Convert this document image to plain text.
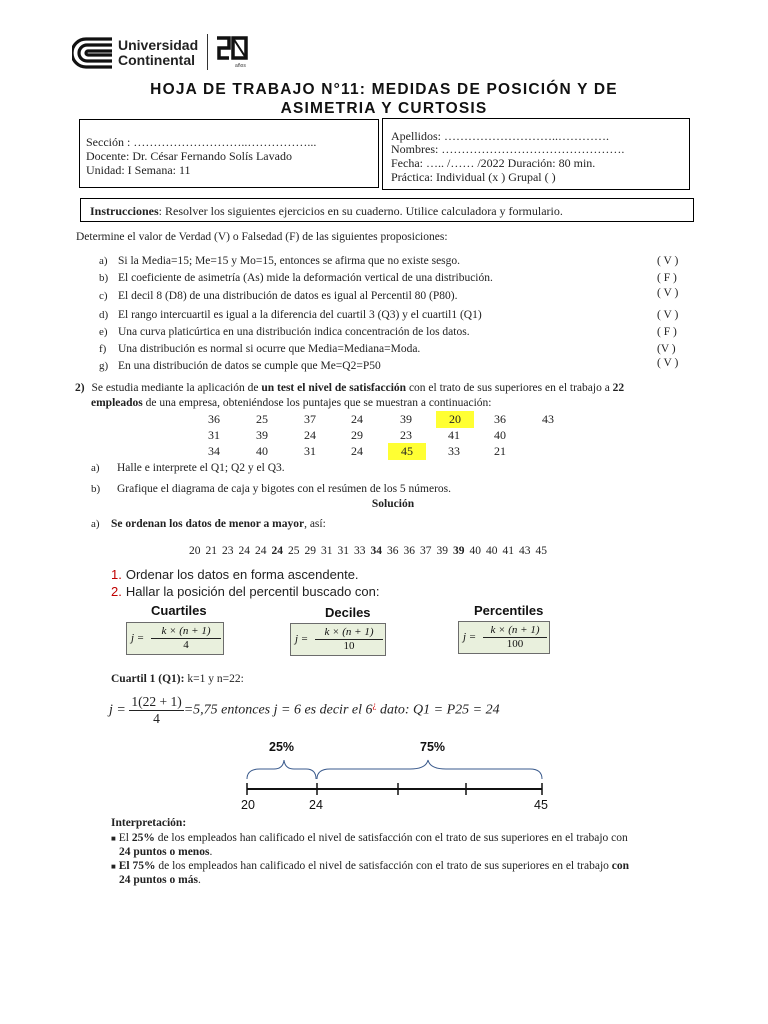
Universidad
Continental	años
HOJA DE TRABAJO N°11: MEDIDAS DE POSICIÓN Y DE
ASIMETRIA Y CURTOSIS
Sección : ………………………..……………...
Docente: Dr. César Fernando Solís Lavado
Unidad: I Semana: 11
Apellidos: ………………………..………….
Nombres: ……………………………………….
Fecha: ….. /…… /2022 Duración: 80 min.
Práctica: Individual (x ) Grupal ( )
Instrucciones: Resolver los siguientes ejercicios en su cuaderno. Utilice calculadora y formulario.
Determine el valor de Verdad (V) o Falsedad (F) de las siguientes proposiciones:
a) Si la Media=15; Me=15 y Mo=15, entonces se afirma que no existe sesgo.	( V )
b) El coeficiente de asimetría (As) mide la deformación vertical de una distribución.	( F )
c) El decil 8 (D8) de una distribución de datos es igual al Percentil 80 (P80).	( V )
d) El rango intercuartil es igual a la diferencia del cuartil 3 (Q3) y el cuartil1 (Q1)	( V )
e) Una curva platicúrtica en una distribución indica concentración de los datos.	( F )
f) Una distribución es normal si ocurre que Media=Mediana=Moda.	(V )
g) En una distribución de datos se cumple que Me=Q2=P50	( V )
2) Se estudia mediante la aplicación de un test el nivel de satisfacción con el trato de sus superiores en el trabajo a 22
empleados de una empresa, obteniéndose los puntajes que se muestran a continuación:
36	25	37	24	39	20	36	43
31	39	24	29	23	41	40
34	40	31	24	45	33	21
a) Halle e interprete el Q1; Q2 y el Q3.
b) Grafique el diagrama de caja y bigotes con el resúmen de los 5 números.
Solución
a) Se ordenan los datos de menor a mayor, así:
20 21 23 24 24 24 25 29 31 31 33 34 36 36 37 39 39 40 40 41 43 45
1. Ordenar los datos en forma ascendente.
2. Hallar la posición del percentil buscado con:
Cuartiles
$j = \frac{k \times (n + 1)}{4}$
Deciles
$j = \frac{k \times (n + 1)}{10}$
Percentiles
$j = \frac{k \times (n + 1)}{100}$
Cuartil 1 (Q1): k=1 y n=22:
$j = \frac{1(22 + 1)}{4} =5,75$ entonces j = 6 es decir el 6¿ dato: Q1 = P25 = 24
25%	75%
20	24	45
Interpretación:
■ El 25% de los empleados han calificado el nivel de satisfacción con el trato de sus superiores en el trabajo con
24 puntos o menos.
■ El 75% de los empleados han calificado el nivel de satisfacción con el trato de sus superiores en el trabajo con
24 puntos o más.
